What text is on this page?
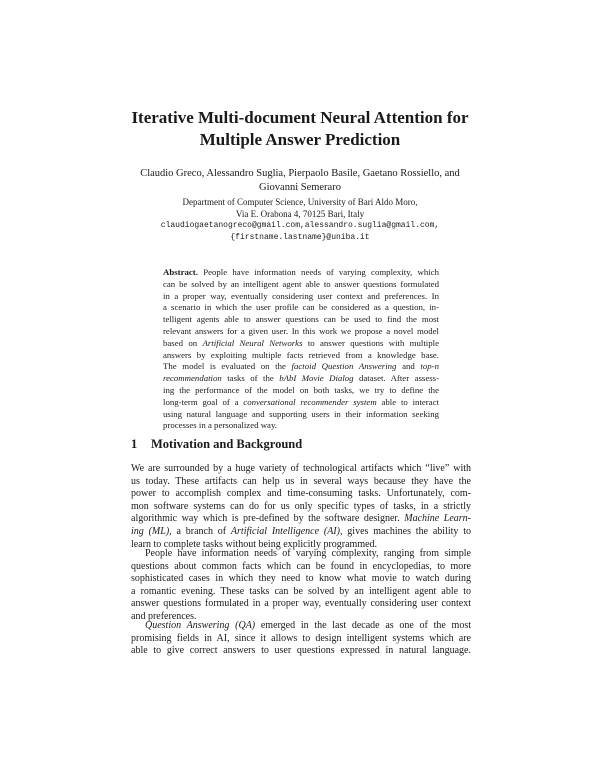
Iterative Multi-document Neural Attention for
Multiple Answer Prediction
Claudio Greco, Alessandro Suglia, Pierpaolo Basile, Gaetano Rossiello, and
Giovanni Semeraro
Department of Computer Science, University of Bari Aldo Moro,
Via E. Orabona 4, 70125 Bari, Italy
claudiogaetanogreco@gmail.com,alessandro.suglia@gmail.com,
{firstname.lastname}@uniba.it
Abstract. People have information needs of varying complexity, which
can be solved by an intelligent agent able to answer questions formulated
in a proper way, eventually considering user context and preferences. In
a scenario in which the user profile can be considered as a question, in-
telligent agents able to answer questions can be used to find the most
relevant answers for a given user. In this work we propose a novel model
based on Artificial Neural Networks to answer questions with multiple
answers by exploiting multiple facts retrieved from a knowledge base.
The model is evaluated on the factoid Question Answering and top-n
recommendation tasks of the bAbI Movie Dialog dataset. After assess-
ing the performance of the model on both tasks, we try to define the
long-term goal of a conversational recommender system able to interact
using natural language and supporting users in their information seeking
processes in a personalized way.
1 Motivation and Background
We are surrounded by a huge variety of technological artifacts which “live” with
us today. These artifacts can help us in several ways because they have the
power to accomplish complex and time-consuming tasks. Unfortunately, com-
mon software systems can do for us only specific types of tasks, in a strictly
algorithmic way which is pre-defined by the software designer. Machine Learn-
ing (ML), a branch of Artificial Intelligence (AI), gives machines the ability to
learn to complete tasks without being explicitly programmed.
People have information needs of varying complexity, ranging from simple
questions about common facts which can be found in encyclopedias, to more
sophisticated cases in which they need to know what movie to watch during
a romantic evening. These tasks can be solved by an intelligent agent able to
answer questions formulated in a proper way, eventually considering user context
and preferences.
Question Answering (QA) emerged in the last decade as one of the most
promising fields in AI, since it allows to design intelligent systems which are
able to give correct answers to user questions expressed in natural language.
